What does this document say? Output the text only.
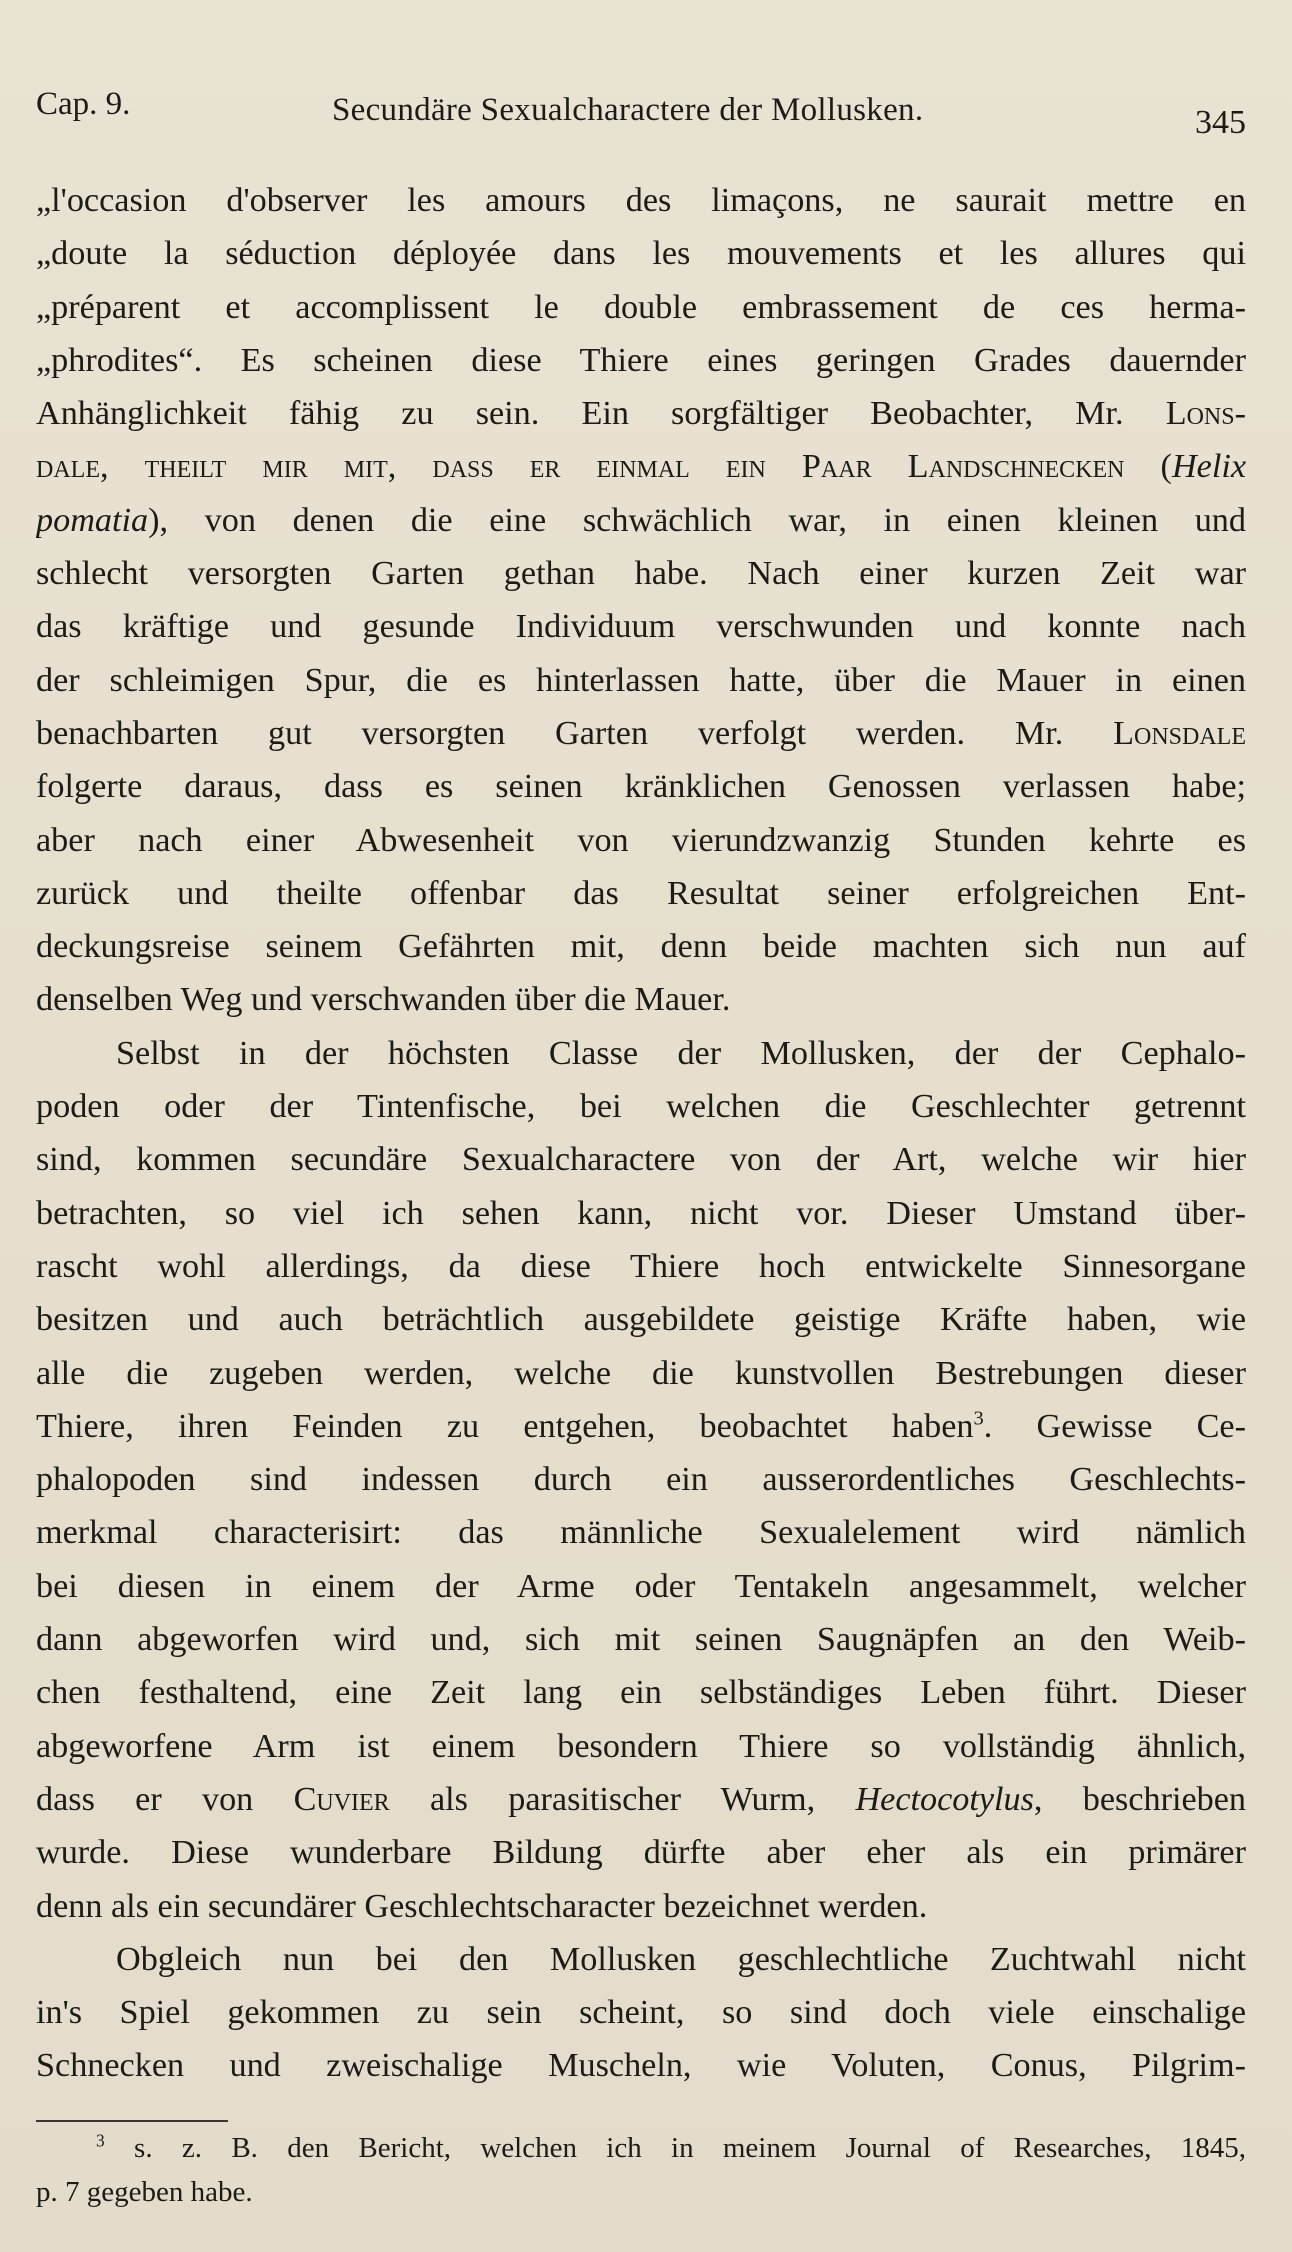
Cap. 9.	Secundäre Sexualcharactere der Mollusken.	345
„l'occasion d'observer les amours des limaçons, ne saurait mettre en
„doute la séduction déployée dans les mouvements et les allures qui
„préparent et accomplissent le double embrassement de ces herma-
„phrodites“. Es scheinen diese Thiere eines geringen Grades dauernder
Anhänglichkeit fähig zu sein. Ein sorgfältiger Beobachter, Mr. Lons-
dale, theilt mir mit, dass er einmal ein Paar Landschnecken (Helix
pomatia), von denen die eine schwächlich war, in einen kleinen und
schlecht versorgten Garten gethan habe. Nach einer kurzen Zeit war
das kräftige und gesunde Individuum verschwunden und konnte nach
der schleimigen Spur, die es hinterlassen hatte, über die Mauer in einen
benachbarten gut versorgten Garten verfolgt werden. Mr. Lonsdale
folgerte daraus, dass es seinen kränklichen Genossen verlassen habe;
aber nach einer Abwesenheit von vierundzwanzig Stunden kehrte es
zurück und theilte offenbar das Resultat seiner erfolgreichen Ent-
deckungsreise seinem Gefährten mit, denn beide machten sich nun auf
denselben Weg und verschwanden über die Mauer.
Selbst in der höchsten Classe der Mollusken, der der Cephalo-
poden oder der Tintenfische, bei welchen die Geschlechter getrennt
sind, kommen secundäre Sexualcharactere von der Art, welche wir hier
betrachten, so viel ich sehen kann, nicht vor. Dieser Umstand über-
rascht wohl allerdings, da diese Thiere hoch entwickelte Sinnesorgane
besitzen und auch beträchtlich ausgebildete geistige Kräfte haben, wie
alle die zugeben werden, welche die kunstvollen Bestrebungen dieser
Thiere, ihren Feinden zu entgehen, beobachtet haben$^3$. Gewisse Ce-
phalopoden sind indessen durch ein ausserordentliches Geschlechts-
merkmal characterisirt: das männliche Sexualelement wird nämlich
bei diesen in einem der Arme oder Tentakeln angesammelt, welcher
dann abgeworfen wird und, sich mit seinen Saugnäpfen an den Weib-
chen festhaltend, eine Zeit lang ein selbständiges Leben führt. Dieser
abgeworfene Arm ist einem besondern Thiere so vollständig ähnlich,
dass er von Cuvier als parasitischer Wurm, Hectocotylus, beschrieben
wurde. Diese wunderbare Bildung dürfte aber eher als ein primärer
denn als ein secundärer Geschlechtscharacter bezeichnet werden.
Obgleich nun bei den Mollusken geschlechtliche Zuchtwahl nicht
in's Spiel gekommen zu sein scheint, so sind doch viele einschalige
Schnecken und zweischalige Muscheln, wie Voluten, Conus, Pilgrim-
$^3$ s. z. B. den Bericht, welchen ich in meinem Journal of Researches, 1845,
p. 7 gegeben habe.
